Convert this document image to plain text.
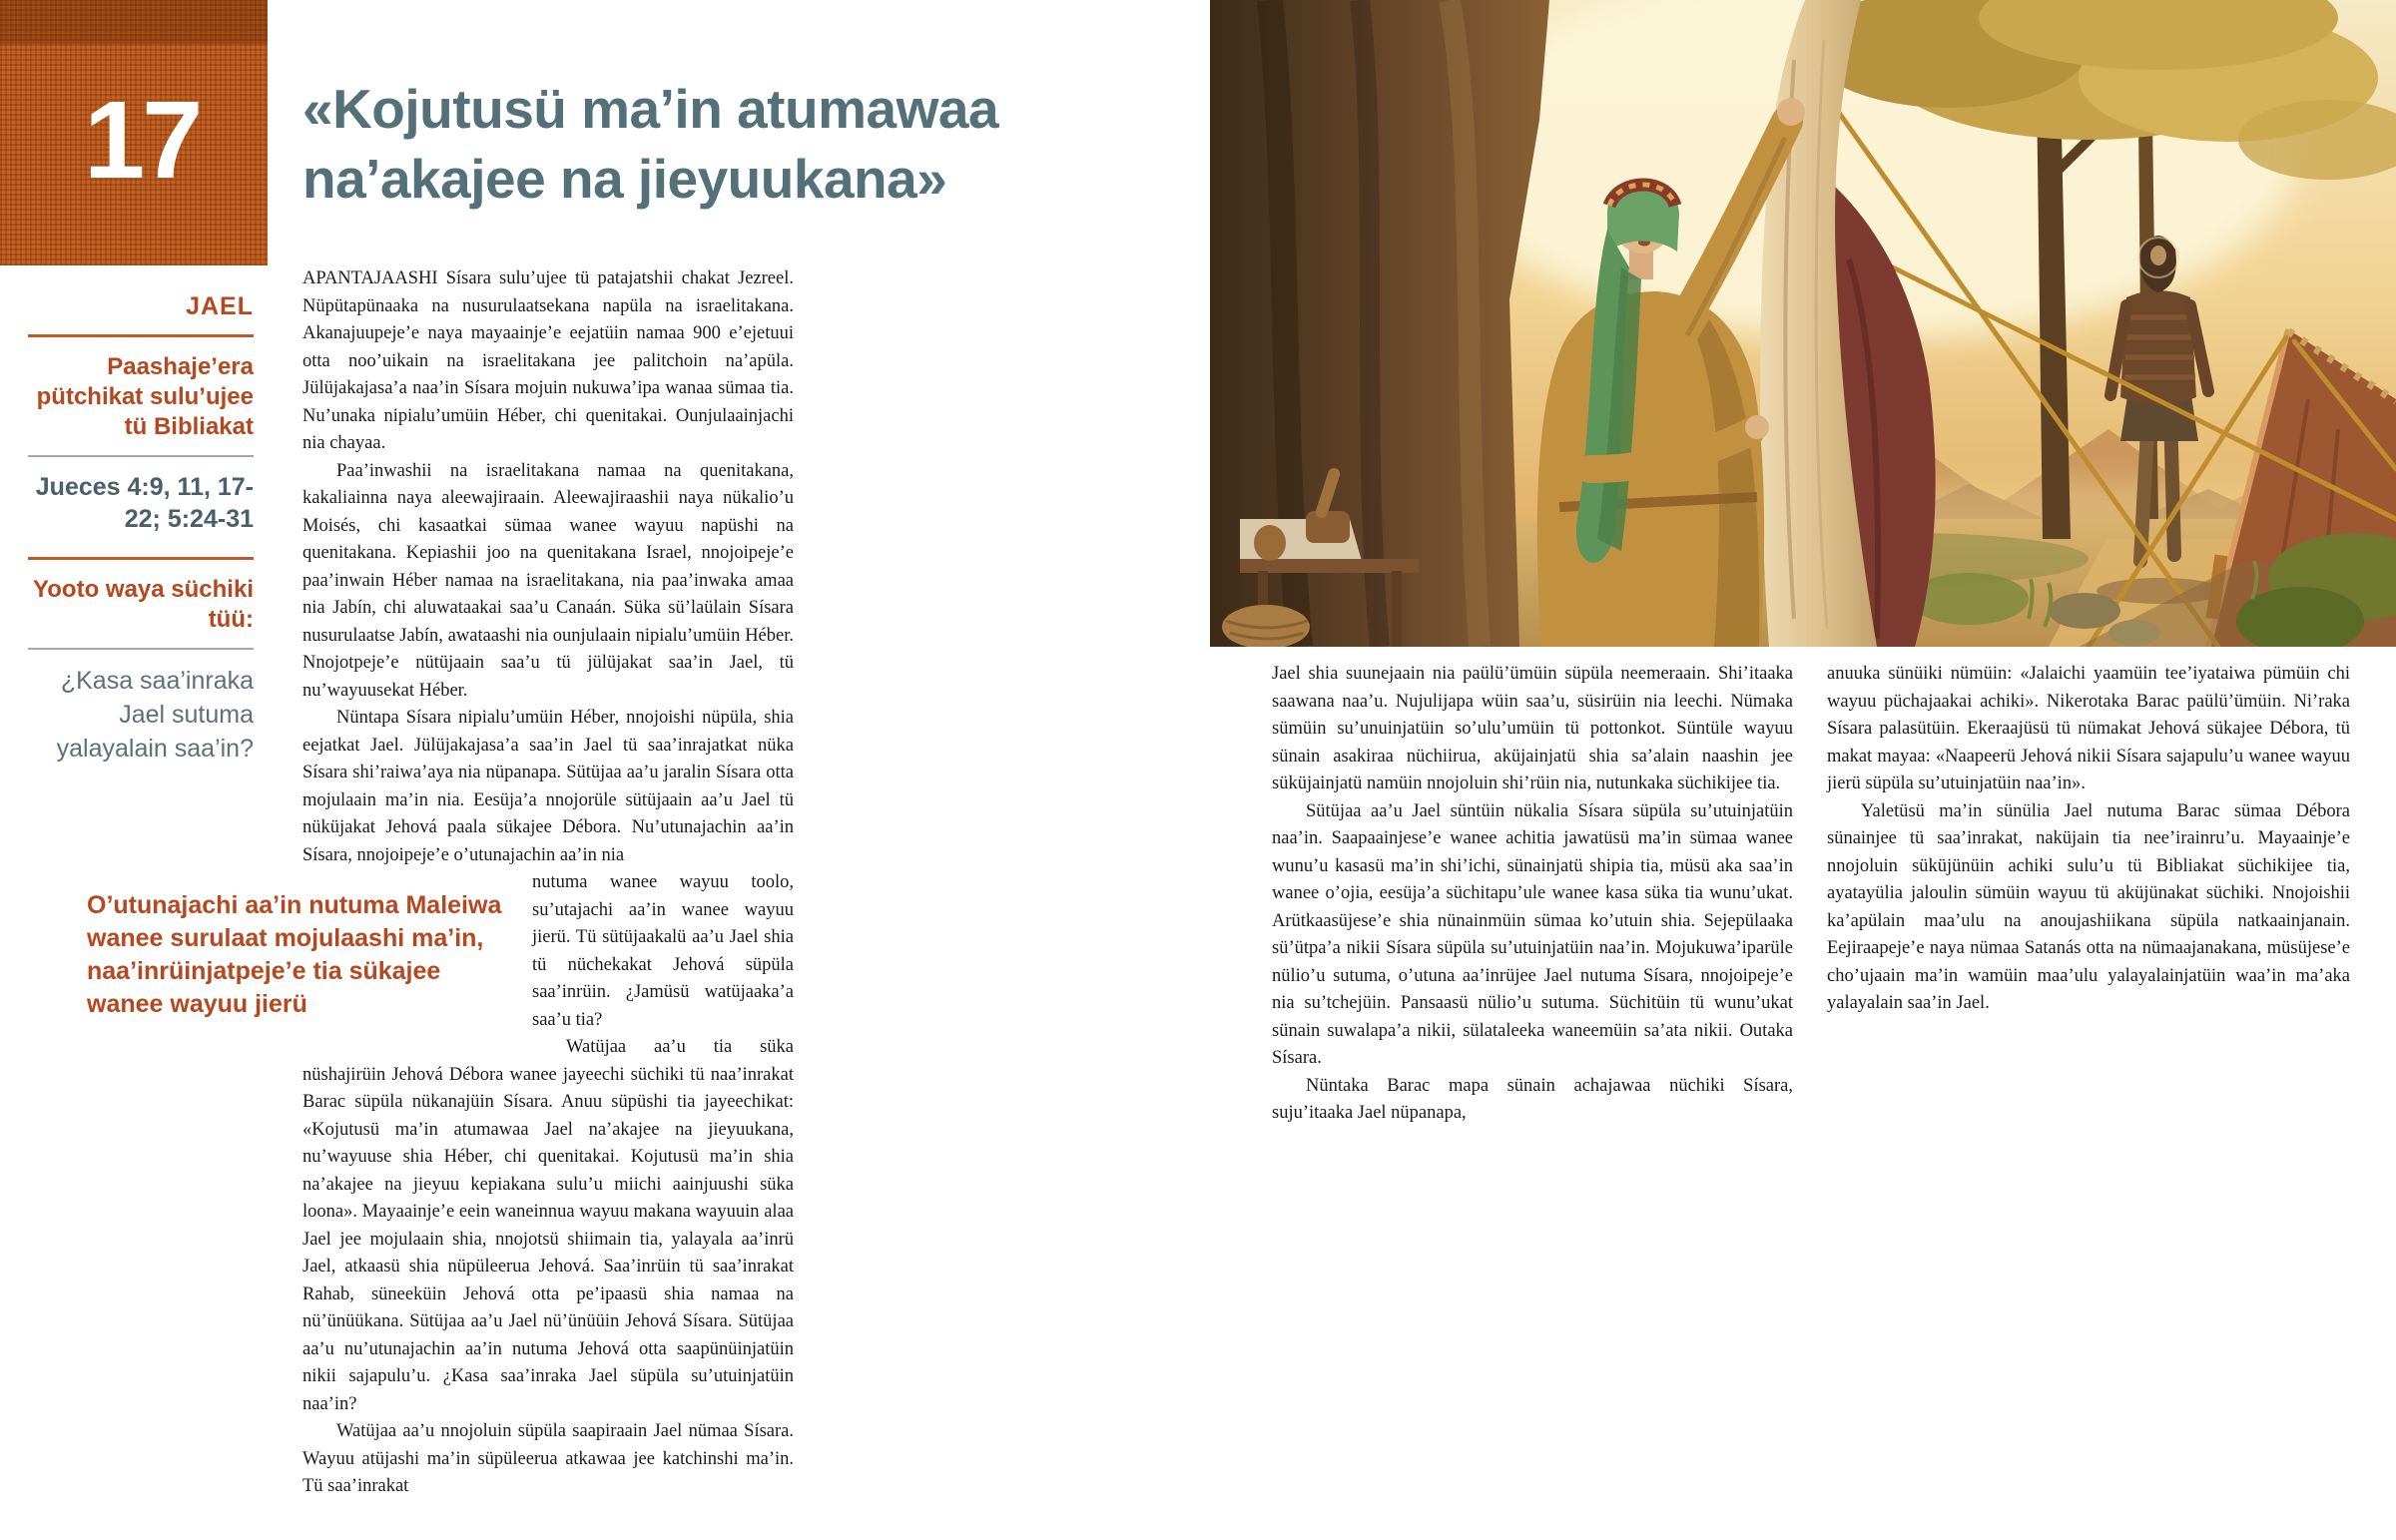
17 «Kojutusü ma’in atumawaa na’akajee na jieyuukana»
JAEL
Paashaje’era pütchikat sulu’ujee tü Bibliakat
Jueces 4:9, 11, 17-22; 5:24-31
Yooto waya süchiki tüü:
¿Kasa saa’inraka Jael sutuma yalayalain saa’in?

APANTAJAASHI Sísara sulu’ujee tü patajatshii chakat Jezreel. Nüpütapünaaka na nusurulaatsekana napüla na israelitakana. Akanajuupeje’e naya mayaainje’e eejatüin namaa 900 e’ejetuui otta noo’uikain na israelitakana jee palitchoin na’apüla. Jülüjakajasa’a naa’in Sísara mojuin nukuwa’ipa wanaa sümaa tia. Nu’unaka nipialu’umüin Héber, chi quenitakai. Ounjulaainjachi nia chayaa.

Paa’inwashii na israelitakana namaa na quenitakana, kakaliainna naya aleewajiraain. Aleewajiraashii naya nükalio’u Moisés, chi kasaatkai sümaa wanee wayuu napüshi na quenitakana. Kepiashii joo na quenitakana Israel, nnojoipeje’e paa’inwain Héber namaa na israelitakana, nia paa’inwaka amaa nia Jabín, chi aluwataakai saa’u Canaán. Süka sü’laülain Sísara nusurulaatse Jabín, awataashi nia ounjulaain nipialu’umüin Héber. Nnojotpeje’e nütüjaain saa’u tü jülüjakat saa’in Jael, tü nu’wayuusekat Héber.

Nüntapa Sísara nipialu’umüin Héber, nnojoishi nüpüla, shia eejatkat Jael. Jülüjakajasa’a saa’in Jael tü saa’inrajatkat nüka Sísara shi’raiwa’aya nia nüpanapa. Sütüjaa aa’u jaralin Sísara otta mojulaain ma’in nia. Eesüja’a nnojorüle sütüjaain aa’u Jael tü nüküjakat Jehová paala sükajee Débora. Nu’utunajachin aa’in Sísara, nnojoipeje’e o’utunajachin aa’in nia

O’utunajachi aa’in nutuma Maleiwa wanee surulaat mojulaashi ma’in, naa’inrüinjatpeje’e tia sükajee wanee wayuu jierü

nutuma wanee wayuu toolo, su’utajachi aa’in wanee wayuu jierü. Tü sütüjaakalü aa’u Jael shia tü nüchekakat Jehová süpüla saa’inrüin. ¿Jamüsü watüjaaka’a saa’u tia?

Watüjaa aa’u tia süka nüshajirüin Jehová Débora wanee jayeechi süchiki tü naa’inrakat Barac süpüla nükanajüin Sísara. Anuu süpüshi tia jayeechikat: «Kojutusü ma’in atumawaa Jael na’akajee na jieyuukana, nu’wayuuse shia Héber, chi quenitakai. Kojutusü ma’in shia na’akajee na jieyuu kepiakana sulu’u miichi aainjuushi süka loona». Mayaainje’e eein waneinnua wayuu makana wayuuin alaa Jael jee mojulaain shia, nnojotsü shiimain tia, yalayala aa’inrü Jael, atkaasü shia nüpüleerua Jehová. Saa’inrüin tü saa’inrakat Rahab, süneeküin Jehová otta pe’ipaasü shia namaa na nü’ünüükana. Sütüjaa aa’u Jael nü’ünüüin Jehová Sísara. Sütüjaa aa’u nu’utunajachin aa’in nutuma Jehová otta saapünüinjatüin nikii sajapulu’u. ¿Kasa saa’inraka Jael süpüla su’utuinjatüin naa’in?

Watüjaa aa’u nnojoluin süpüla saapiraain Jael nümaa Sísara. Wayuu atüjashi ma’in süpüleerua atkawaa jee katchinshi ma’in. Tü saa’inrakat

Jael shia suunejaain nia paülü’ümüin süpüla neemeraain. Shi’itaaka saawana naa’u. Nujulijapa wüin saa’u, süsirüin nia leechi. Nümaka sümüin su’unuinjatüin so’ulu’umüin tü pottonkot. Süntüle wayuu sünain asakiraa nüchiirua, aküjainjatü shia sa’alain naashin jee süküjainjatü namüin nnojoluin shi’rüin nia, nutunkaka süchikijee tia.

Sütüjaa aa’u Jael süntüin nükalia Sísara süpüla su’utuinjatüin naa’in. Saapaainjese’e wanee achitia jawatüsü ma’in sümaa wanee wunu’u kasasü ma’in shi’ichi, sünainjatü shipia tia, müsü aka saa’in wanee o’ojia, eesüja’a süchitapu’ule wanee kasa süka tia wunu’ukat. Arütkaasüjese’e shia nünainmüin sümaa ko’utuin shia. Sejepülaaka sü’ütpa’a nikii Sísara süpüla su’utuinjatüin naa’in. Mojukuwa’iparüle nülio’u sutuma, o’utuna aa’inrüjee Jael nutuma Sísara, nnojoipeje’e nia su’tchejüin. Pansaasü nülio’u sutuma. Süchitüin tü wunu’ukat sünain suwalapa’a nikii, sülataleeka waneemüin sa’ata nikii. Outaka Sísara.

Nüntaka Barac mapa sünain achajawaa nüchiki Sísara, suju’itaaka Jael nüpanapa,

anuuka sünüiki nümüin: «Jalaichi yaamüin tee’iyataiwa pümüin chi wayuu püchajaakai achiki». Nikerotaka Barac paülü’ümüin. Ni’raka Sísara palasütüin. Ekeraajüsü tü nümakat Jehová sükajee Débora, tü makat mayaa: «Naapeerü Jehová nikii Sísara sajapulu’u wanee wayuu jierü süpüla su’utuinjatüin naa’in».

Yaletüsü ma’in sünülia Jael nutuma Barac sümaa Débora sünainjee tü saa’inrakat, naküjain tia nee’irainru’u. Mayaainje’e nnojoluin süküjünüin achiki sulu’u tü Bibliakat süchikijee tia, ayatayülia jaloulin sümüin wayuu tü aküjünakat süchiki. Nnojoishii ka’apülain maa’ulu na anoujashiikana süpüla natkaainjanain. Eejiraapeje’e naya nümaa Satanás otta na nümaajanakana, müsüjese’e cho’ujaain ma’in wamüin maa’ulu yalayalainjatüin waa’in ma’aka yalayalain saa’in Jael.
